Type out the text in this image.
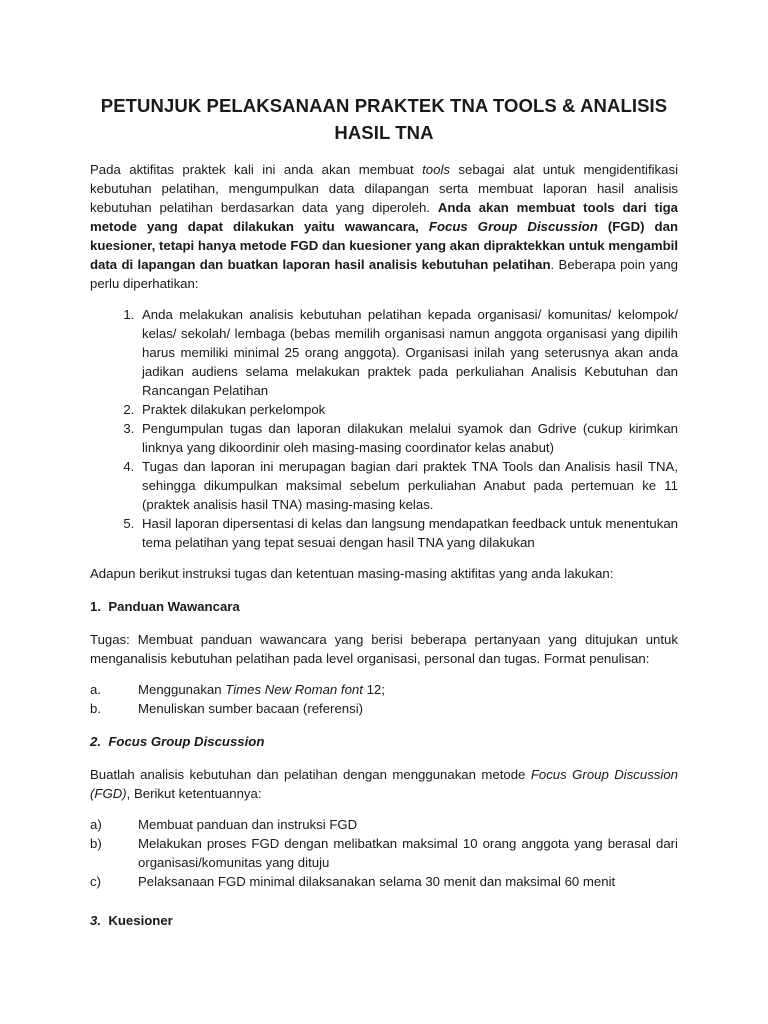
PETUNJUK PELAKSANAAN PRAKTEK TNA TOOLS & ANALISIS HASIL TNA

Pada aktifitas praktek kali ini anda akan membuat tools sebagai alat untuk mengidentifikasi kebutuhan pelatihan, mengumpulkan data dilapangan serta membuat laporan hasil analisis kebutuhan pelatihan berdasarkan data yang diperoleh. Anda akan membuat tools dari tiga metode yang dapat dilakukan yaitu wawancara, Focus Group Discussion (FGD) dan kuesioner, tetapi hanya metode FGD dan kuesioner yang akan dipraktekkan untuk mengambil data di lapangan dan buatkan laporan hasil analisis kebutuhan pelatihan. Beberapa poin yang perlu diperhatikan:

1. Anda melakukan analisis kebutuhan pelatihan kepada organisasi/ komunitas/ kelompok/ kelas/ sekolah/ lembaga (bebas memilih organisasi namun anggota organisasi yang dipilih harus memiliki minimal 25 orang anggota). Organisasi inilah yang seterusnya akan anda jadikan audiens selama melakukan praktek pada perkuliahan Analisis Kebutuhan dan Rancangan Pelatihan
2. Praktek dilakukan perkelompok
3. Pengumpulan tugas dan laporan dilakukan melalui syamok dan Gdrive (cukup kirimkan linknya yang dikoordinir oleh masing-masing coordinator kelas anabut)
4. Tugas dan laporan ini merupagan bagian dari praktek TNA Tools dan Analisis hasil TNA, sehingga dikumpulkan maksimal sebelum perkuliahan Anabut pada pertemuan ke 11 (praktek analisis hasil TNA) masing-masing kelas.
5. Hasil laporan dipersentasi di kelas dan langsung mendapatkan feedback untuk menentukan tema pelatihan yang tepat sesuai dengan hasil TNA yang dilakukan

Adapun berikut instruksi tugas dan ketentuan masing-masing aktifitas yang anda lakukan:

1. Panduan Wawancara

Tugas: Membuat panduan wawancara yang berisi beberapa pertanyaan yang ditujukan untuk menganalisis kebutuhan pelatihan pada level organisasi, personal dan tugas. Format penulisan:

a.	Menggunakan Times New Roman font 12;
b.	Menuliskan sumber bacaan (referensi)

2. Focus Group Discussion

Buatlah analisis kebutuhan dan pelatihan dengan menggunakan metode Focus Group Discussion (FGD), Berikut ketentuannya:

a)	Membuat panduan dan instruksi FGD
b)	Melakukan proses FGD dengan melibatkan maksimal 10 orang anggota yang berasal dari organisasi/komunitas yang dituju
c)	Pelaksanaan FGD minimal dilaksanakan selama 30 menit dan maksimal 60 menit

3. Kuesioner
